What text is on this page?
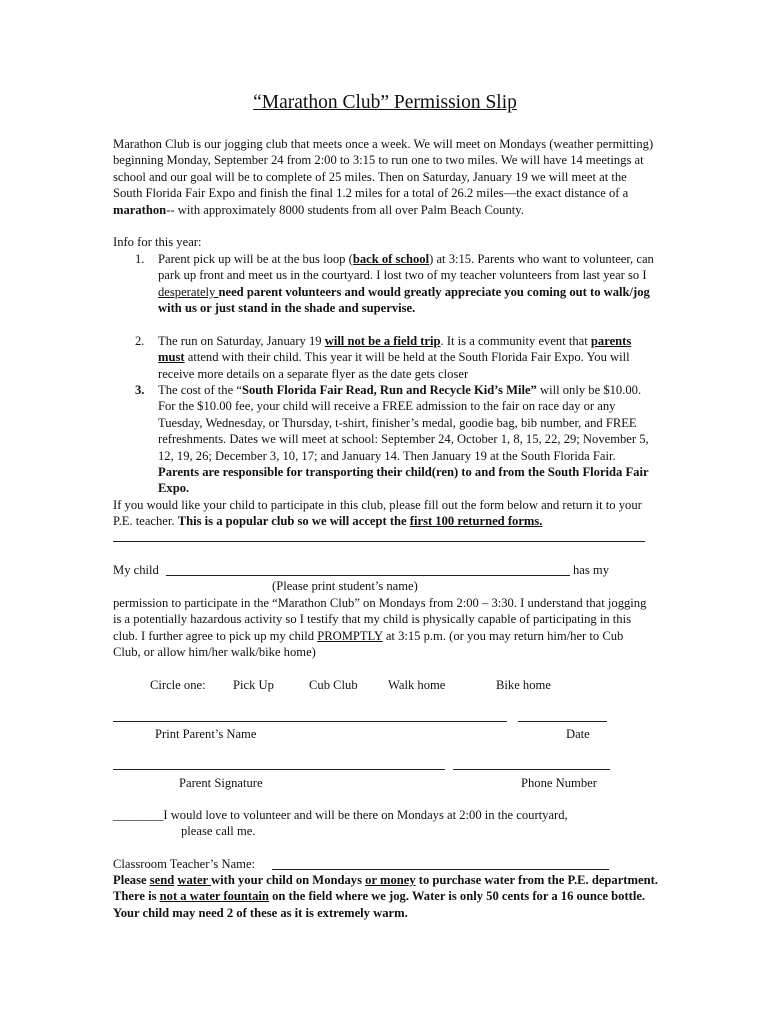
“Marathon Club” Permission Slip

Marathon Club is our jogging club that meets once a week. We will meet on Mondays (weather permitting) beginning Monday, September 24 from 2:00 to 3:15 to run one to two miles. We will have 14 meetings at school and our goal will be to complete of 25 miles. Then on Saturday, January 19 we will meet at the South Florida Fair Expo and finish the final 1.2 miles for a total of 26.2 miles—the exact distance of a marathon-- with approximately 8000 students from all over Palm Beach County.

Info for this year:
1. Parent pick up will be at the bus loop (back of school) at 3:15. Parents who want to volunteer, can park up front and meet us in the courtyard. I lost two of my teacher volunteers from last year so I desperately need parent volunteers and would greatly appreciate you coming out to walk/jog with us or just stand in the shade and supervise.

2. The run on Saturday, January 19 will not be a field trip. It is a community event that parents must attend with their child. This year it will be held at the South Florida Fair Expo. You will receive more details on a separate flyer as the date gets closer

3. The cost of the “South Florida Fair Read, Run and Recycle Kid’s Mile” will only be $10.00. For the $10.00 fee, your child will receive a FREE admission to the fair on race day or any Tuesday, Wednesday, or Thursday, t-shirt, finisher’s medal, goodie bag, bib number, and FREE refreshments. Dates we will meet at school: September 24, October 1, 8, 15, 22, 29; November 5, 12, 19, 26; December 3, 10, 17; and January 14. Then January 19 at the South Florida Fair. Parents are responsible for transporting their child(ren) to and from the South Florida Fair Expo.

If you would like your child to participate in this club, please fill out the form below and return it to your P.E. teacher. This is a popular club so we will accept the first 100 returned forms.

My child	has my
(Please print student’s name)

permission to participate in the “Marathon Club” on Mondays from 2:00 – 3:30. I understand that jogging is a potentially hazardous activity so I testify that my child is physically capable of participating in this club. I further agree to pick up my child PROMPTLY at 3:15 p.m. (or you may return him/her to Cub Club, or allow him/her walk/bike home)

Circle one: Pick Up	Cub Club Walk home	Bike home
Print Parent’s Name	Date
Parent Signature	Phone Number
________I would love to volunteer and will be there on Mondays at 2:00 in the courtyard,
please call me.
Classroom Teacher’s Name:

Please send water with your child on Mondays or money to purchase water from the P.E. department. There is not a water fountain on the field where we jog. Water is only 50 cents for a 16 ounce bottle. Your child may need 2 of these as it is extremely warm.
